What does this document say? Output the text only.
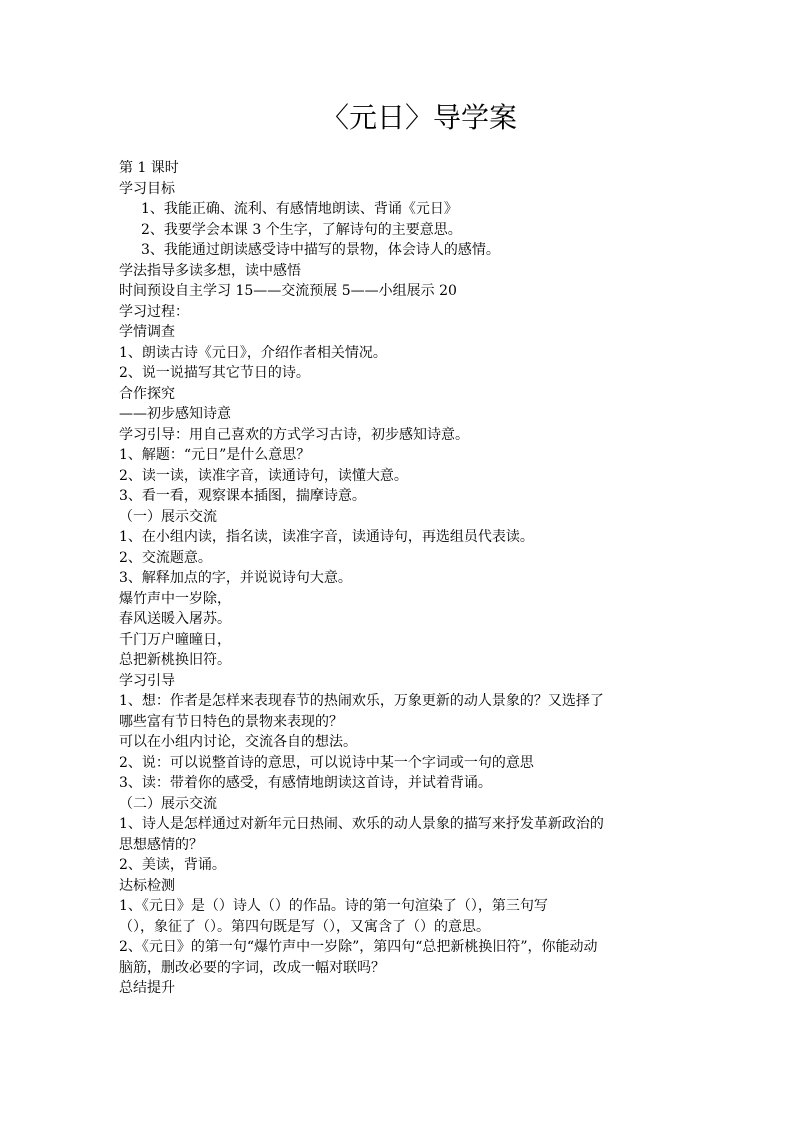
〈元日〉导学案
第 1 课时
学习目标
1、我能正确、流利、有感情地朗读、背诵《元日》
2、我要学会本课 3 个生字，了解诗句的主要意思。
3、我能通过朗读感受诗中描写的景物，体会诗人的感情。
学法指导多读多想，读中感悟
时间预设自主学习 15——交流预展 5——小组展示 20
学习过程：
学情调查
1、朗读古诗《元日》，介绍作者相关情况。
2、说一说描写其它节日的诗。
合作探究
——初步感知诗意
学习引导：用自己喜欢的方式学习古诗，初步感知诗意。
1、解题：“元日”是什么意思？
2、读一读，读准字音，读通诗句，读懂大意。
3、看一看，观察课本插图，揣摩诗意。
（一）展示交流
1、在小组内读，指名读，读准字音，读通诗句，再选组员代表读。
2、交流题意。
3、解释加点的字，并说说诗句大意。
爆竹声中一岁除，
春风送暖入屠苏。
千门万户曈曈日，
总把新桃换旧符。
学习引导
1、想：作者是怎样来表现春节的热闹欢乐，万象更新的动人景象的？又选择了
哪些富有节日特色的景物来表现的？
可以在小组内讨论，交流各自的想法。
2、说：可以说整首诗的意思，可以说诗中某一个字词或一句的意思
3、读：带着你的感受，有感情地朗读这首诗，并试着背诵。
（二）展示交流
1、诗人是怎样通过对新年元日热闹、欢乐的动人景象的描写来抒发革新政治的
思想感情的？
2、美读，背诵。
达标检测
1、《元日》是（）诗人（）的作品。诗的第一句渲染了（），第三句写
（），象征了（）。第四句既是写（），又寓含了（）的意思。
2、《元日》的第一句“爆竹声中一岁除”，第四句“总把新桃换旧符”，你能动动
脑筋，删改必要的字词，改成一幅对联吗？
总结提升
